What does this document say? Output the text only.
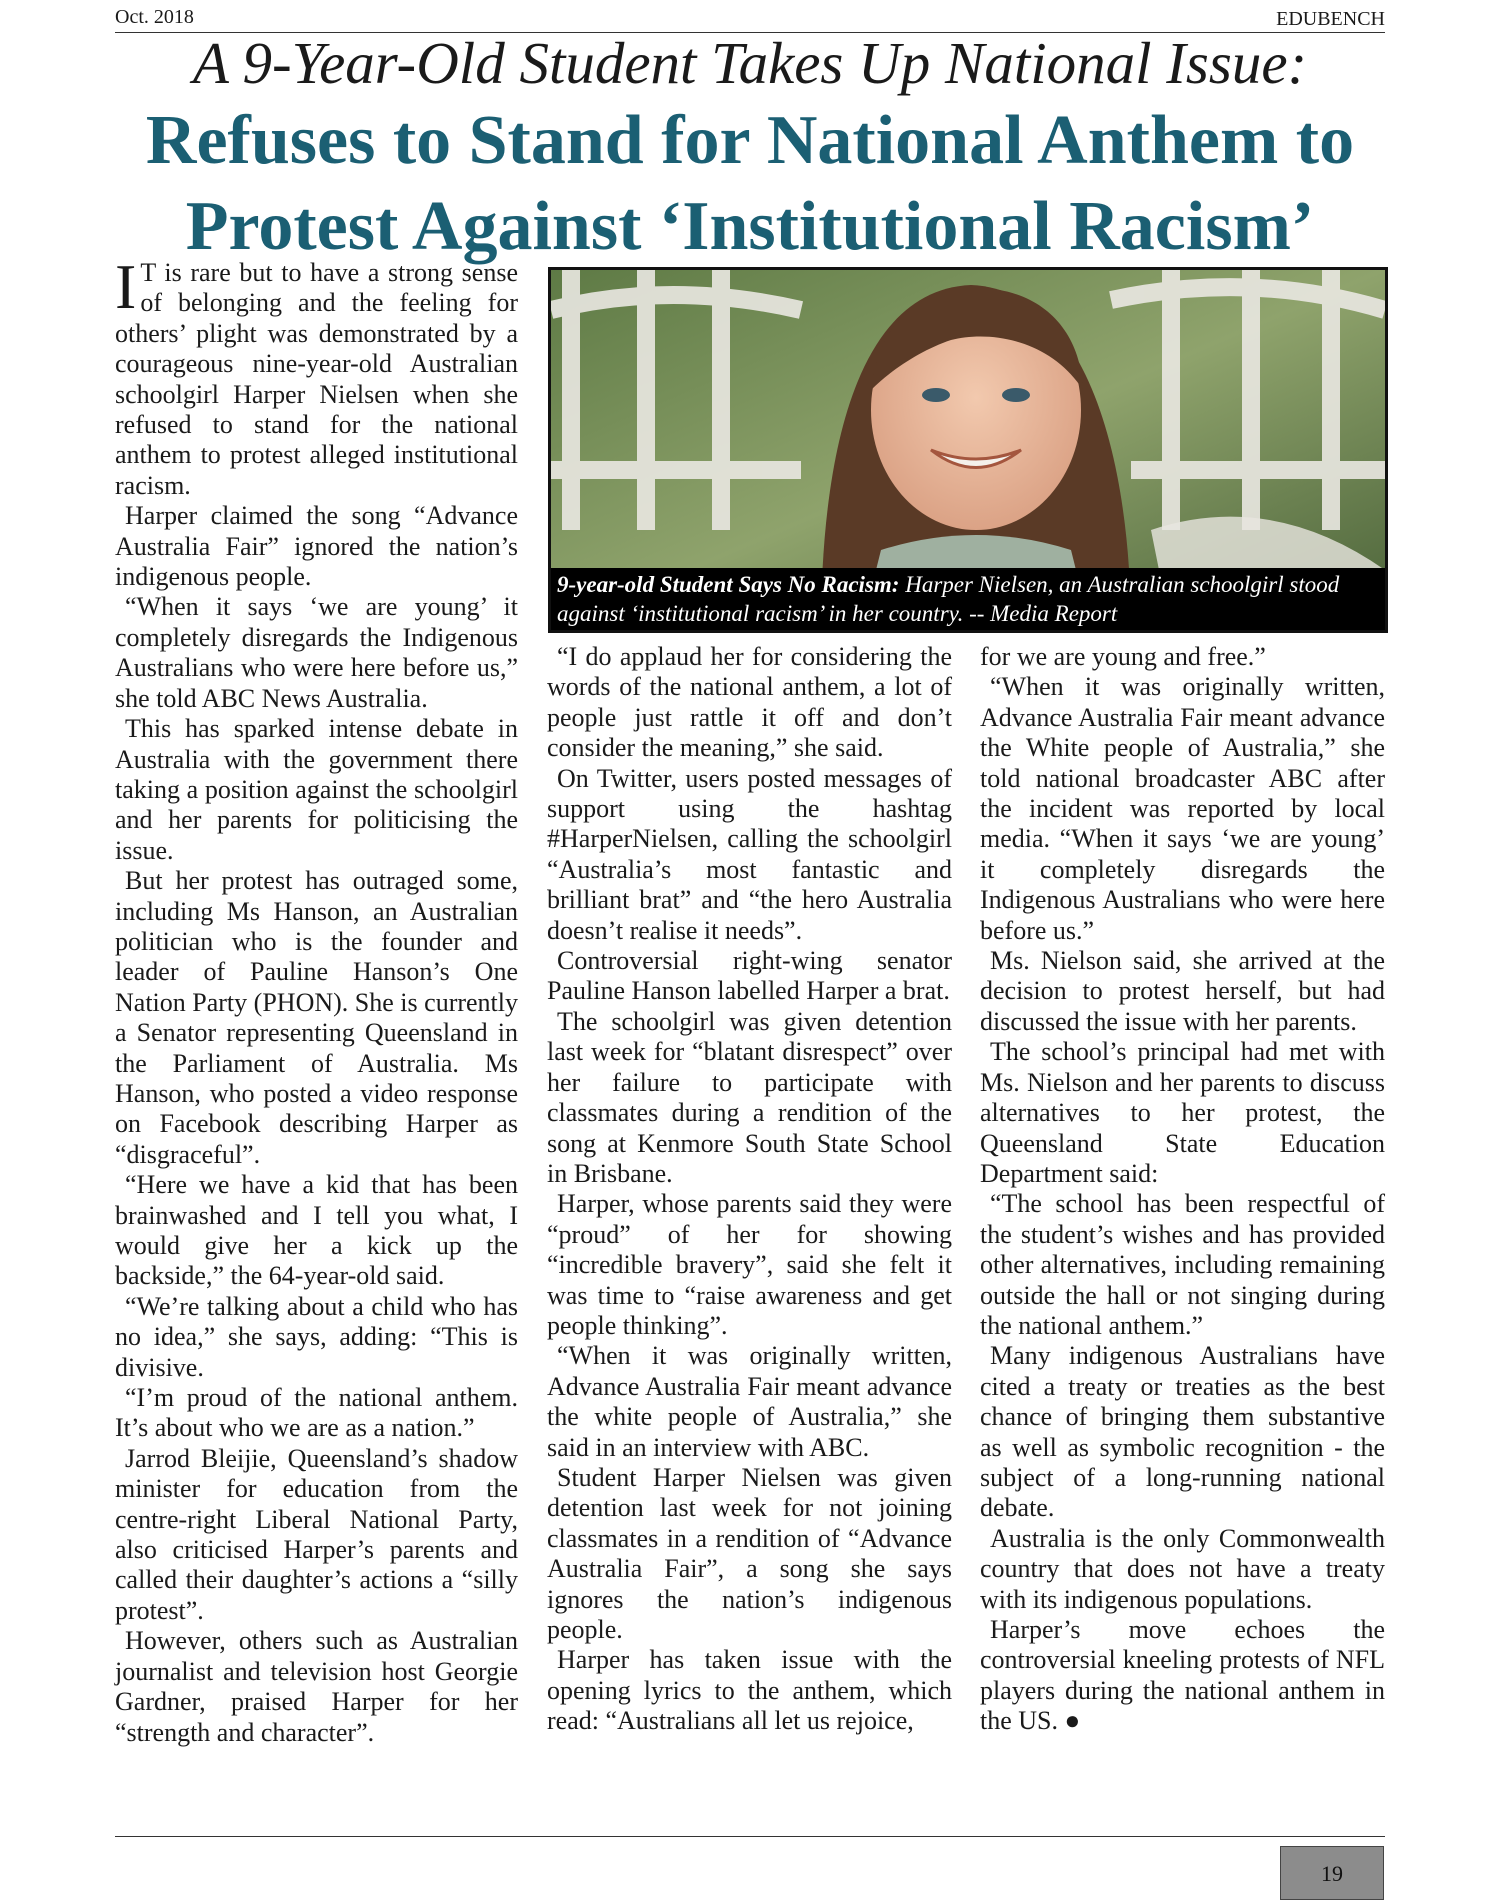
Oct. 2018	EDUBENCH
A 9-Year-Old Student Takes Up National Issue:
Refuses to Stand for National Anthem to
Protest Against ‘Institutional Racism’

I T is rare but to have a strong sense of belonging and the feeling for others’ plight was demonstrated by a courageous nine-year-old Australian schoolgirl Harper Nielsen when she refused to stand for the national anthem to protest alleged institutional racism.

Harper claimed the song “Advance Australia Fair” ignored the nation’s indigenous people.

“When it says ‘we are young’ it completely disregards the Indigenous Australians who were here before us,” she told ABC News Australia.

This has sparked intense debate in Australia with the government there taking a position against the schoolgirl and her parents for politicising the issue.

But her protest has outraged some, including Ms Hanson, an Australian politician who is the founder and leader of Pauline Hanson’s One Nation Party (PHON). She is currently a Senator representing Queensland in the Parliament of Australia. Ms Hanson, who posted a video response on Facebook describing Harper as “disgraceful”.

“Here we have a kid that has been brainwashed and I tell you what, I would give her a kick up the backside,” the 64-year-old said.

“We’re talking about a child who has no idea,” she says, adding: “This is divisive.

“I’m proud of the national anthem. It’s about who we are as a nation.”

Jarrod Bleijie, Queensland’s shadow minister for education from the centre-right Liberal National Party, also criticised Harper’s parents and called their daughter’s actions a “silly protest”.

However, others such as Australian journalist and television host Georgie Gardner, praised Harper for her “strength and character”.

9-year-old Student Says No Racism: Harper Nielsen, an Australian schoolgirl stood against ‘institutional racism’ in her country. -- Media Report

“I do applaud her for considering the words of the national anthem, a lot of people just rattle it off and don’t consider the meaning,” she said.

On Twitter, users posted messages of support using the hashtag #HarperNielsen, calling the schoolgirl “Australia’s most fantastic and brilliant brat” and “the hero Australia doesn’t realise it needs”.

Controversial right-wing senator Pauline Hanson labelled Harper a brat.

The schoolgirl was given detention last week for “blatant disrespect” over her failure to participate with classmates during a rendition of the song at Kenmore South State School in Brisbane.

Harper, whose parents said they were “proud” of her for showing “incredible bravery”, said she felt it was time to “raise awareness and get people thinking”.

“When it was originally written, Advance Australia Fair meant advance the white people of Australia,” she said in an interview with ABC.

Student Harper Nielsen was given detention last week for not joining classmates in a rendition of “Advance Australia Fair”, a song she says ignores the nation’s indigenous people.

Harper has taken issue with the opening lyrics to the anthem, which read: “Australians all let us rejoice,

for we are young and free.”

“When it was originally written, Advance Australia Fair meant advance the White people of Australia,” she told national broadcaster ABC after the incident was reported by local media. “When it says ‘we are young’ it completely disregards the Indigenous Australians who were here before us.”

Ms. Nielson said, she arrived at the decision to protest herself, but had discussed the issue with her parents.

The school’s principal had met with Ms. Nielson and her parents to discuss alternatives to her protest, the Queensland State Education Department said:

“The school has been respectful of the student’s wishes and has provided other alternatives, including remaining outside the hall or not singing during the national anthem.”

Many indigenous Australians have cited a treaty or treaties as the best chance of bringing them substantive as well as symbolic recognition - the subject of a long-running national debate.

Australia is the only Commonwealth country that does not have a treaty with its indigenous populations.

Harper’s move echoes the controversial kneeling protests of NFL players during the national anthem in the US. ●

19
